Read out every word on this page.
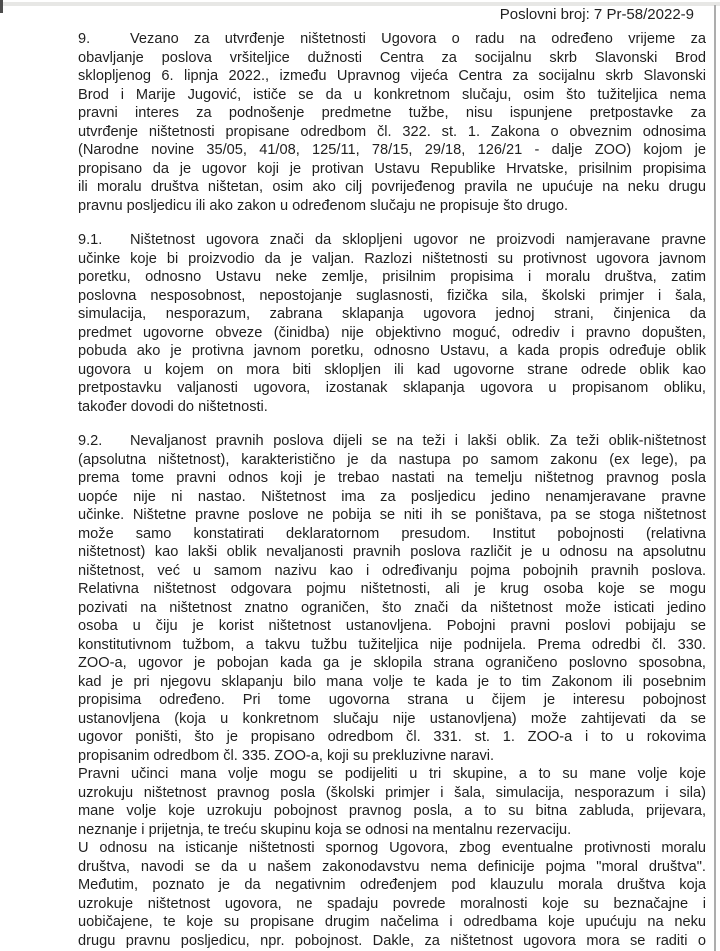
Poslovni broj: 7 Pr-58/2022-9
9.	Vezano za utvrđenje ništetnosti Ugovora o radu na određeno vrijeme za
obavljanje poslova vršiteljice dužnosti Centra za socijalnu skrb Slavonski Brod
sklopljenog 6. lipnja 2022., između Upravnog vijeća Centra za socijalnu skrb Slavonski
Brod i Marije Jugović, ističe se da u konkretnom slučaju, osim što tužiteljica nema
pravni interes za podnošenje predmetne tužbe, nisu ispunjene pretpostavke za
utvrđenje ništetnosti propisane odredbom čl. 322. st. 1. Zakona o obveznim odnosima
(Narodne novine 35/05, 41/08, 125/11, 78/15, 29/18, 126/21 - dalje ZOO) kojom je
propisano da je ugovor koji je protivan Ustavu Republike Hrvatske, prisilnim propisima
ili moralu društva ništetan, osim ako cilj povrijeđenog pravila ne upućuje na neku drugu
pravnu posljedicu ili ako zakon u određenom slučaju ne propisuje što drugo.
9.1. Ništetnost ugovora znači da sklopljeni ugovor ne proizvodi namjeravane pravne
učinke koje bi proizvodio da je valjan. Razlozi ništetnosti su protivnost ugovora javnom
poretku, odnosno Ustavu neke zemlje, prisilnim propisima i moralu društva, zatim
poslovna nesposobnost, nepostojanje suglasnosti, fizička sila, školski primjer i šala,
simulacija, nesporazum, zabrana sklapanja ugovora jednoj strani, činjenica da
predmet ugovorne obveze (činidba) nije objektivno moguć, odrediv i pravno dopušten,
pobuda ako je protivna javnom poretku, odnosno Ustavu, a kada propis određuje oblik
ugovora u kojem on mora biti sklopljen ili kad ugovorne strane odrede oblik kao
pretpostavku valjanosti ugovora, izostanak sklapanja ugovora u propisanom obliku,
također dovodi do ništetnosti.
9.2. Nevaljanost pravnih poslova dijeli se na teži i lakši oblik. Za teži oblik-ništetnost
(apsolutna ništetnost), karakteristično je da nastupa po samom zakonu (ex lege), pa
prema tome pravni odnos koji je trebao nastati na temelju ništetnog pravnog posla
uopće nije ni nastao. Ništetnost ima za posljedicu jedino nenamjeravane pravne
učinke. Ništetne pravne poslove ne pobija se niti ih se poništava, pa se stoga ništetnost
može samo konstatirati deklaratornom presudom. Institut pobojnosti (relativna
ništetnost) kao lakši oblik nevaljanosti pravnih poslova različit je u odnosu na apsolutnu
ništetnost, već u samom nazivu kao i određivanju pojma pobojnih pravnih poslova.
Relativna ništetnost odgovara pojmu ništetnosti, ali je krug osoba koje se mogu
pozivati na ništetnost znatno ograničen, što znači da ništetnost može isticati jedino
osoba u čiju je korist ništetnost ustanovljena. Pobojni pravni poslovi pobijaju se
konstitutivnom tužbom, a takvu tužbu tužiteljica nije podnijela. Prema odredbi čl. 330.
ZOO-a, ugovor je pobojan kada ga je sklopila strana ograničeno poslovno sposobna,
kad je pri njegovu sklapanju bilo mana volje te kada je to tim Zakonom ili posebnim
propisima određeno. Pri tome ugovorna strana u čijem je interesu pobojnost
ustanovljena (koja u konkretnom slučaju nije ustanovljena) može zahtijevati da se
ugovor poništi, što je propisano odredbom čl. 331. st. 1. ZOO-a i to u rokovima
propisanim odredbom čl. 335. ZOO-a, koji su prekluzivne naravi.
Pravni učinci mana volje mogu se podijeliti u tri skupine, a to su mane volje koje
uzrokuju ništetnost pravnog posla (školski primjer i šala, simulacija, nesporazum i sila)
mane volje koje uzrokuju pobojnost pravnog posla, a to su bitna zabluda, prijevara,
neznanje i prijetnja, te treću skupinu koja se odnosi na mentalnu rezervaciju.
U odnosu na isticanje ništetnosti spornog Ugovora, zbog eventualne protivnosti moralu
društva, navodi se da u našem zakonodavstvu nema definicije pojma "moral društva".
Međutim, poznato je da negativnim određenjem pod klauzulu morala društva koja
uzrokuje ništetnost ugovora, ne spadaju povrede moralnosti koje su beznačajne i
uobičajene, te koje su propisane drugim načelima i odredbama koje upućuju na neku
drugu pravnu posljedicu, npr. pobojnost. Dakle, za ništetnost ugovora mora se raditi o
